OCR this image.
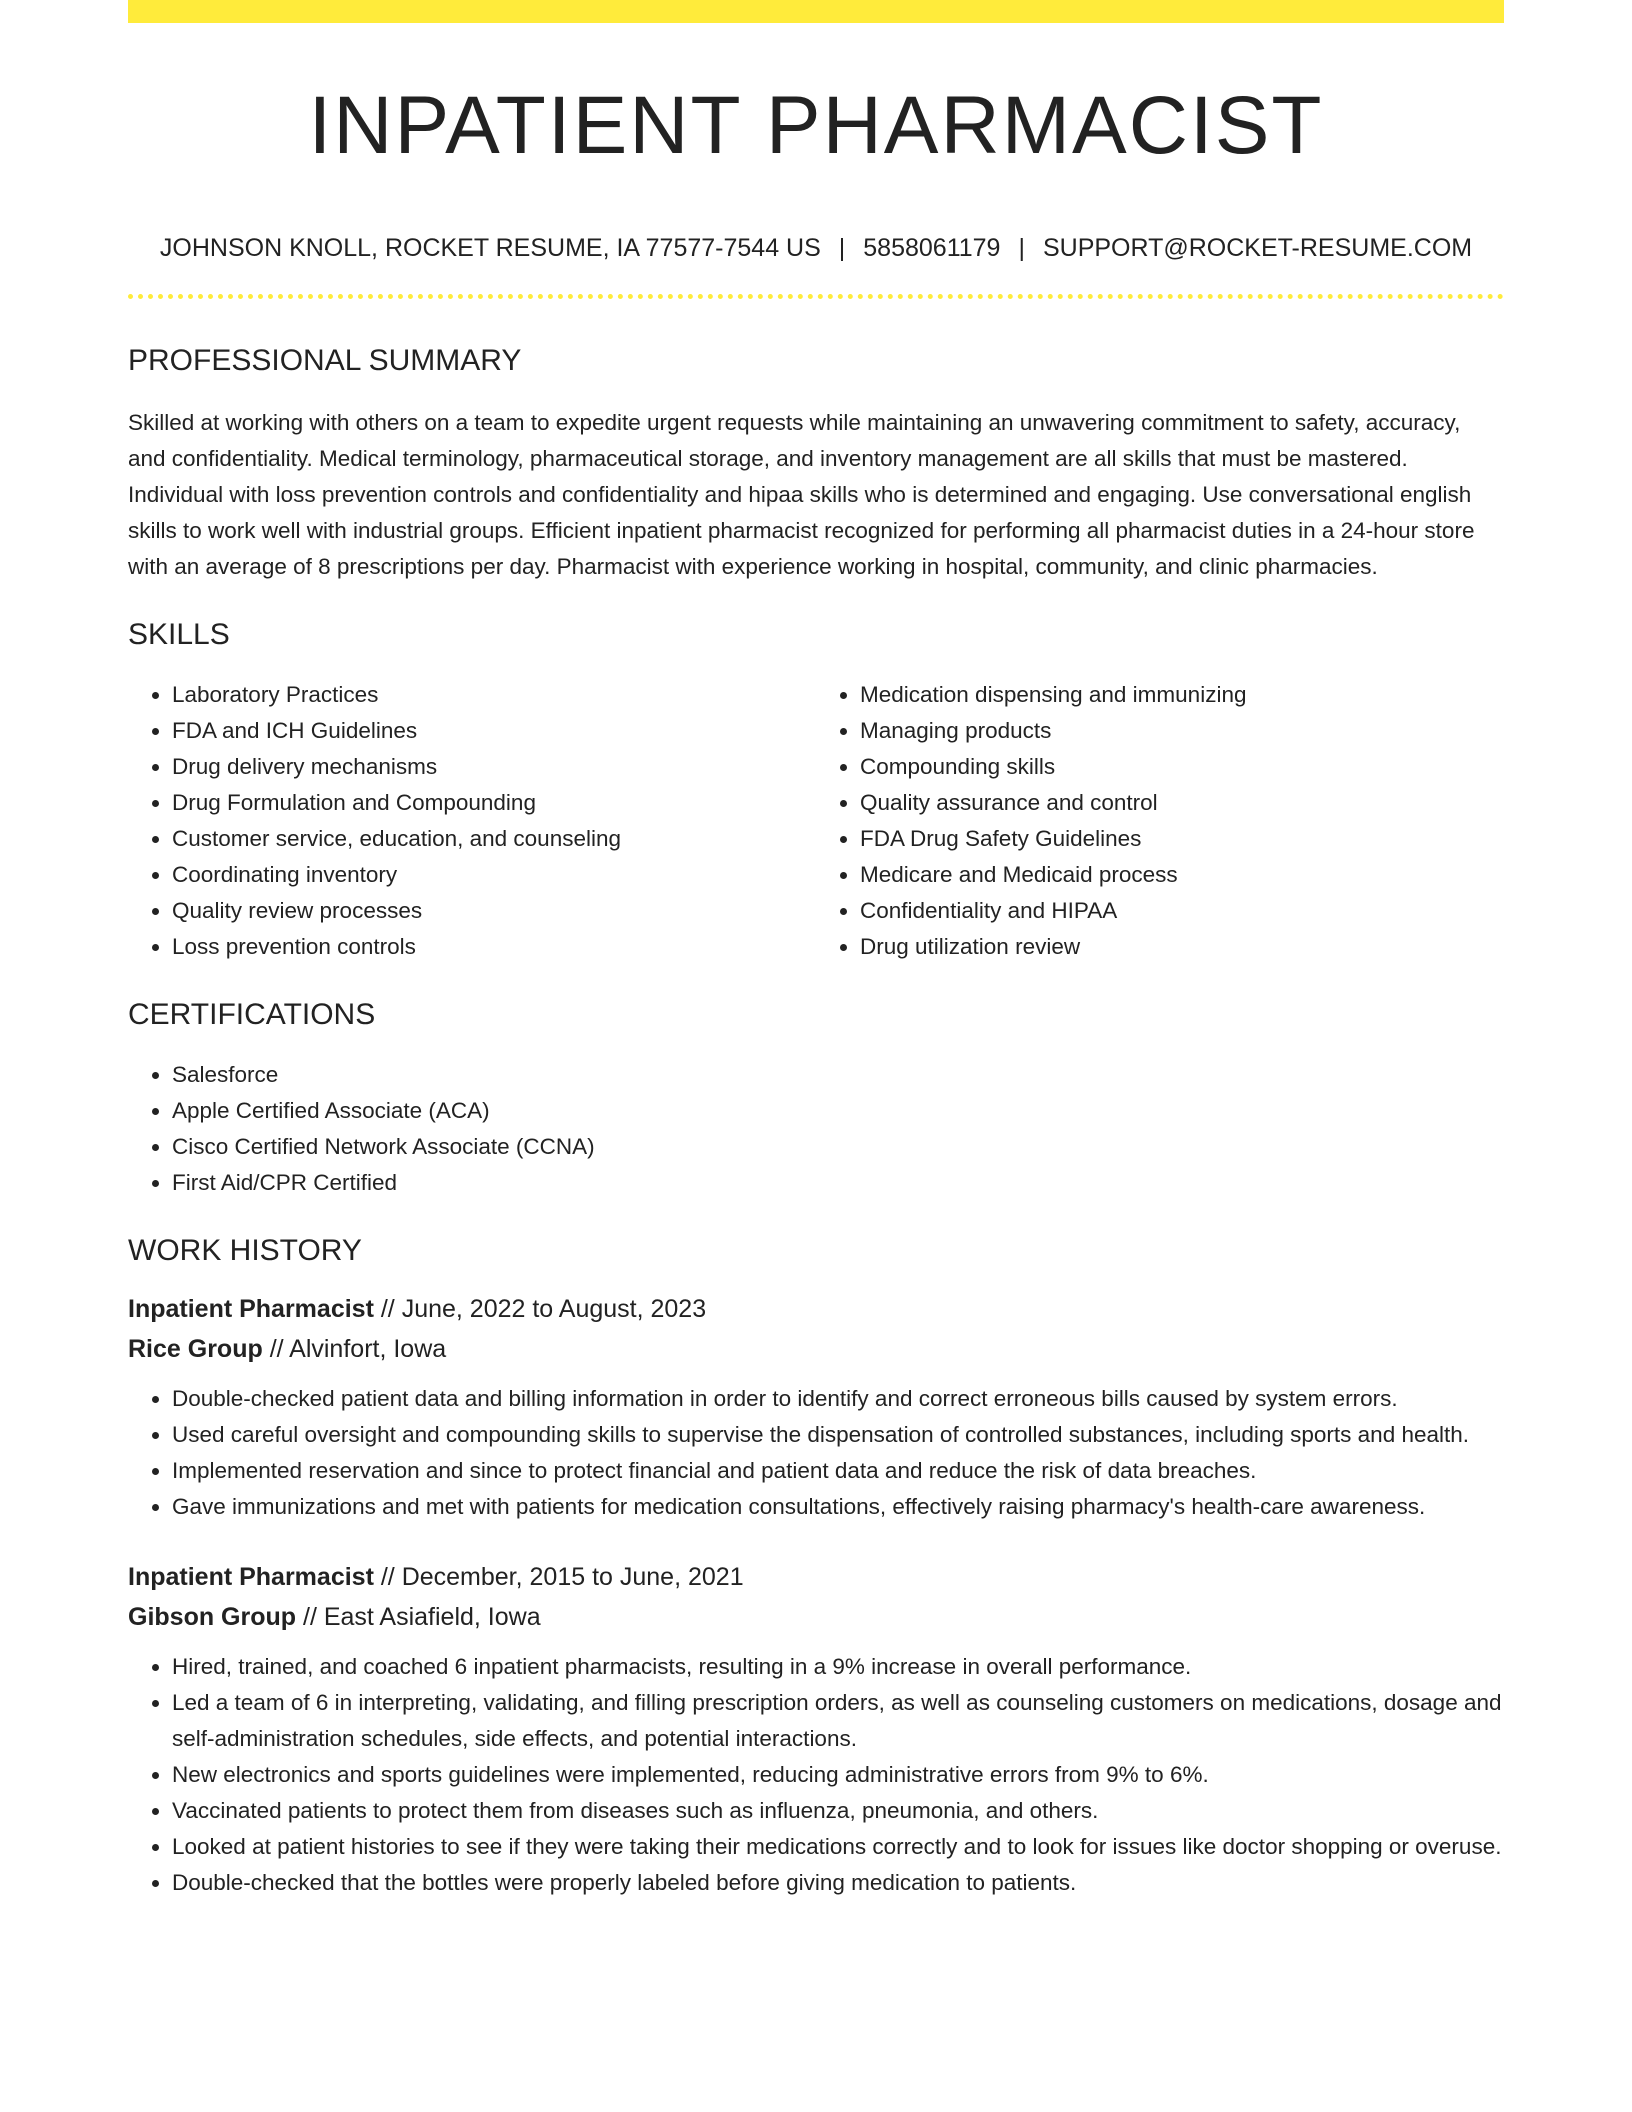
INPATIENT PHARMACIST
JOHNSON KNOLL, ROCKET RESUME, IA 77577-7544 US | 5858061179 | SUPPORT@ROCKET-RESUME.COM
PROFESSIONAL SUMMARY
Skilled at working with others on a team to expedite urgent requests while maintaining an unwavering commitment to safety, accuracy, and confidentiality. Medical terminology, pharmaceutical storage, and inventory management are all skills that must be mastered. Individual with loss prevention controls and confidentiality and hipaa skills who is determined and engaging. Use conversational english skills to work well with industrial groups. Efficient inpatient pharmacist recognized for performing all pharmacist duties in a 24-hour store with an average of 8 prescriptions per day. Pharmacist with experience working in hospital, community, and clinic pharmacies.
SKILLS
• Laboratory Practices
• FDA and ICH Guidelines
• Drug delivery mechanisms
• Drug Formulation and Compounding
• Customer service, education, and counseling
• Coordinating inventory
• Quality review processes
• Loss prevention controls
• Medication dispensing and immunizing
• Managing products
• Compounding skills
• Quality assurance and control
• FDA Drug Safety Guidelines
• Medicare and Medicaid process
• Confidentiality and HIPAA
• Drug utilization review
CERTIFICATIONS
• Salesforce
• Apple Certified Associate (ACA)
• Cisco Certified Network Associate (CCNA)
• First Aid/CPR Certified
WORK HISTORY
Inpatient Pharmacist // June, 2022 to August, 2023
Rice Group // Alvinfort, Iowa
• Double-checked patient data and billing information in order to identify and correct erroneous bills caused by system errors.
• Used careful oversight and compounding skills to supervise the dispensation of controlled substances, including sports and health.
• Implemented reservation and since to protect financial and patient data and reduce the risk of data breaches.
• Gave immunizations and met with patients for medication consultations, effectively raising pharmacy's health-care awareness.
Inpatient Pharmacist // December, 2015 to June, 2021
Gibson Group // East Asiafield, Iowa
• Hired, trained, and coached 6 inpatient pharmacists, resulting in a 9% increase in overall performance.
• Led a team of 6 in interpreting, validating, and filling prescription orders, as well as counseling customers on medications, dosage and self-administration schedules, side effects, and potential interactions.
• New electronics and sports guidelines were implemented, reducing administrative errors from 9% to 6%.
• Vaccinated patients to protect them from diseases such as influenza, pneumonia, and others.
• Looked at patient histories to see if they were taking their medications correctly and to look for issues like doctor shopping or overuse.
• Double-checked that the bottles were properly labeled before giving medication to patients.
